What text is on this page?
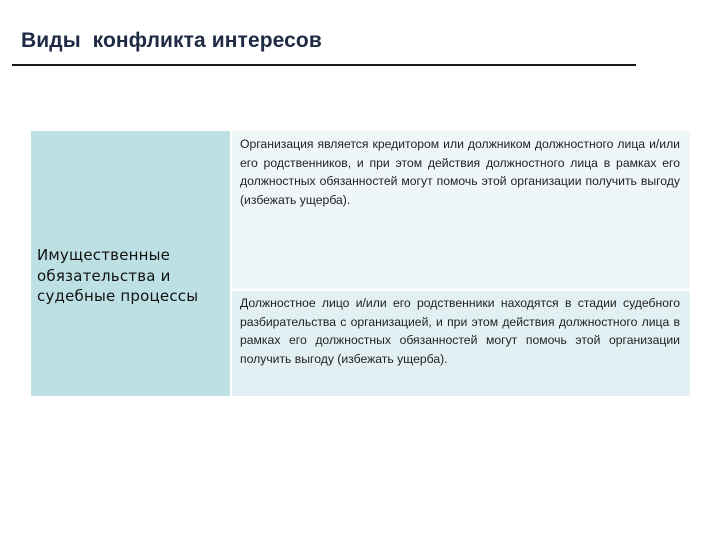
Виды  конфликта интересов
Имущественные обязательства и судебные процессы
Организация является кредитором или должником должностного лица и/или его родственников, и при этом действия должностного лица в рамках его должностных обязанностей могут помочь этой организации получить выгоду (избежать ущерба).
Должностное лицо и/или его родственники находятся в стадии судебного разбирательства с организацией, и при этом действия должностного лица в рамках его должностных обязанностей могут помочь этой организации получить выгоду (избежать ущерба).
